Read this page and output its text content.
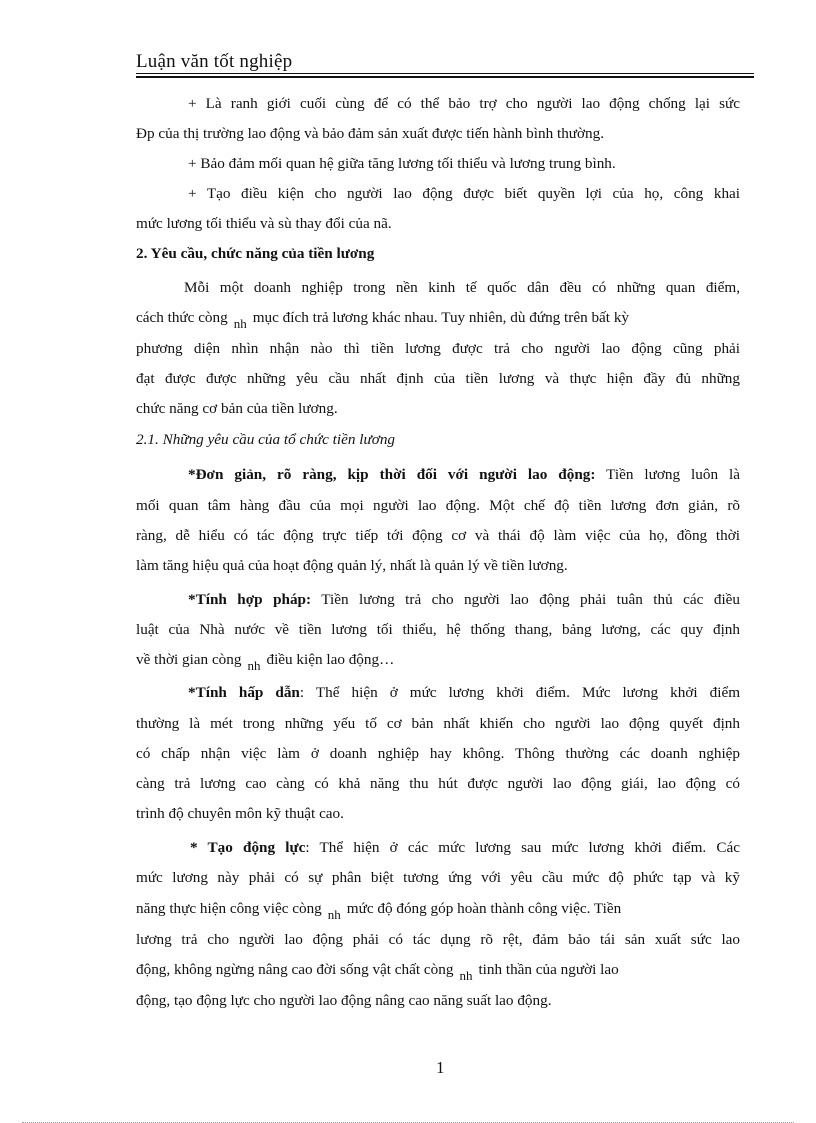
Luận văn tốt nghiệp
+ Là ranh giới cuối cùng để có thể bảo trợ cho người lao động chống lại sức
Đp của thị trường lao động và bảo đảm sản xuất được tiến hành bình thường.
+ Bảo đảm mối quan hệ giữa tăng lương tối thiểu và lương trung bình.
+ Tạo điều kiện cho người lao động được biết quyền lợi của họ, công khai
mức lương tối thiểu và sù thay đổi của nã.
2. Yêu cầu, chức năng của tiền lương
Mỗi một doanh nghiệp trong nền kinh tế quốc dân đều có những quan điểm,
cách thức còng nh mục đích trả lương khác nhau. Tuy nhiên, dù đứng trên bất kỳ
phương diện nhìn nhận nào thì tiền lương được trả cho người lao động cũng phải
đạt được được những yêu cầu nhất định của tiền lương và thực hiện đầy đủ những
chức năng cơ bản của tiền lương.
2.1. Những yêu cầu của tổ chức tiền lương
*Đơn giản, rõ ràng, kịp thời đối với người lao động: Tiền lương luôn là
mối quan tâm hàng đầu của mọi người lao động. Một chế độ tiền lương đơn giản, rõ
ràng, dễ hiểu có tác động trực tiếp tới động cơ và thái độ làm việc của họ, đồng thời
làm tăng hiệu quả của hoạt động quản lý, nhất là quản lý về tiền lương.
*Tính hợp pháp: Tiền lương trả cho người lao động phải tuân thủ các điều
luật của Nhà nước về tiền lương tối thiểu, hệ thống thang, bảng lương, các quy định
về thời gian còng nh điều kiện lao động…
*Tính hấp dẫn: Thể hiện ở mức lương khởi điểm. Mức lương khởi điểm
thường là mét trong những yếu tố cơ bản nhất khiến cho người lao động quyết định
có chấp nhận việc làm ở doanh nghiệp hay không. Thông thường các doanh nghiệp
càng trả lương cao càng có khả năng thu hút được người lao động giái, lao động có
trình độ chuyên môn kỹ thuật cao.
* Tạo động lực: Thể hiện ở các mức lương sau mức lương khởi điểm. Các
mức lương này phải có sự phân biệt tương ứng với yêu cầu mức độ phức tạp và kỹ
năng thực hiện công việc còng nh mức độ đóng góp hoàn thành công việc. Tiền
lương trả cho người lao động phải có tác dụng rõ rệt, đảm bảo tái sản xuất sức lao
động, không ngừng nâng cao đời sống vật chất còng nh tinh thần của người lao
động, tạo động lực cho người lao động nâng cao năng suất lao động.
1
